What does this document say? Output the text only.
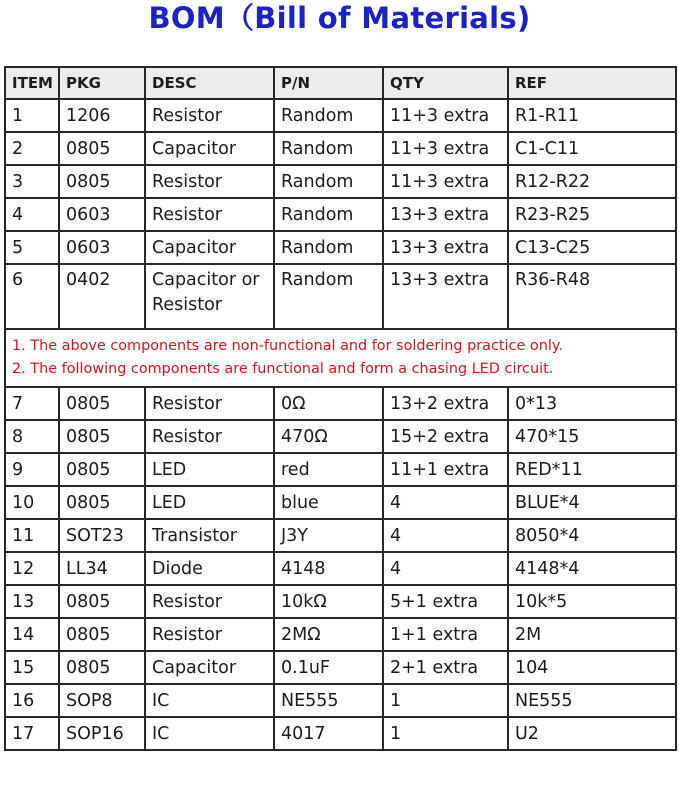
BOM（Bill of Materials)
ITEM	PKG	DESC	P/N	QTY	REF
1	1206	Resistor	Random	11+3 extra	R1-R11
2	0805	Capacitor	Random	11+3 extra	C1-C11
3	0805	Resistor	Random	11+3 extra	R12-R22
4	0603	Resistor	Random	13+3 extra	R23-R25
5	0603	Capacitor	Random	13+3 extra	C13-C25
6	0402	Capacitor or Resistor	Random	13+3 extra	R36-R48

1. The above components are non-functional and for soldering practice only.
2. The following components are functional and form a chasing LED circuit.					

7	0805	Resistor	0Ω	13+2 extra	0*13
8	0805	Resistor	470Ω	15+2 extra	470*15
9	0805	LED	red	11+1 extra	RED*11
10	0805	LED	blue	4	BLUE*4
11	SOT23	Transistor	J3Y	4	8050*4
12	LL34	Diode	4148	4	4148*4
13	0805	Resistor	10kΩ	5+1 extra	10k*5
14	0805	Resistor	2MΩ	1+1 extra	2M
15	0805	Capacitor	0.1uF	2+1 extra	104
16	SOP8	IC	NE555	1	NE555
17	SOP16	IC	4017	1	U2
